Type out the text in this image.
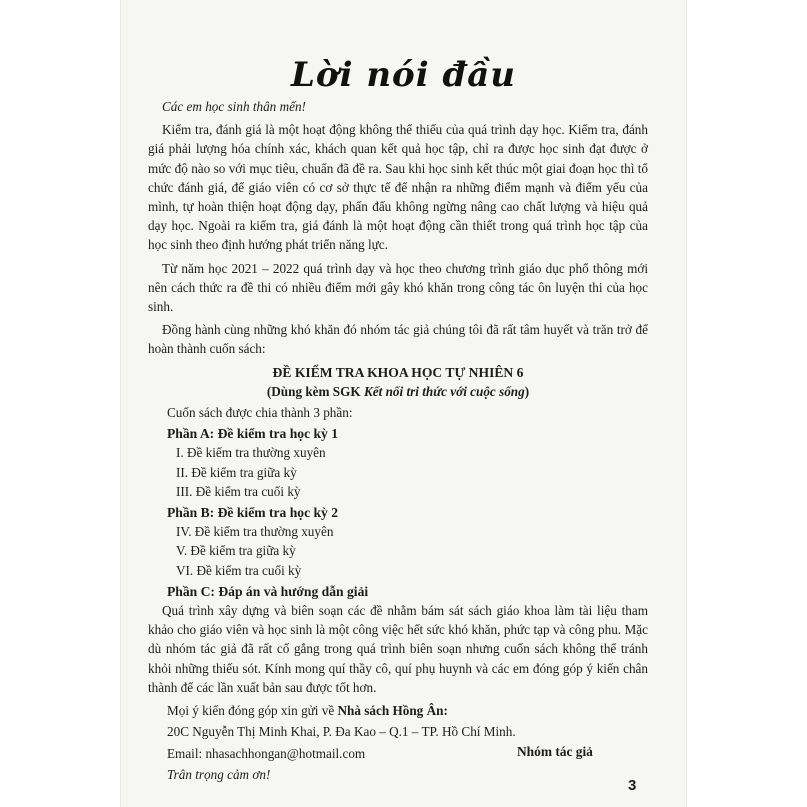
Lời nói đầu

Các em học sinh thân mến!

Kiểm tra, đánh giá là một hoạt động không thể thiếu của quá trình dạy học. Kiểm tra, đánh giá phải lượng hóa chính xác, khách quan kết quả học tập, chỉ ra được học sinh đạt được ở mức độ nào so với mục tiêu, chuẩn đã đề ra. Sau khi học sinh kết thúc một giai đoạn học thì tổ chức đánh giá, để giáo viên có cơ sở thực tế để nhận ra những điểm mạnh và điểm yếu của mình, tự hoàn thiện hoạt động dạy, phấn đấu không ngừng nâng cao chất lượng và hiệu quả dạy học. Ngoài ra kiểm tra, giá đánh là một hoạt động cần thiết trong quá trình học tập của học sinh theo định hướng phát triển năng lực.

Từ năm học 2021 – 2022 quá trình dạy và học theo chương trình giáo dục phổ thông mới nên cách thức ra đề thi có nhiều điểm mới gây khó khăn trong công tác ôn luyện thi của học sinh.

Đồng hành cùng những khó khăn đó nhóm tác giả chúng tôi đã rất tâm huyết và trăn trở để hoàn thành cuốn sách:

ĐỀ KIỂM TRA KHOA HỌC TỰ NHIÊN 6

(Dùng kèm SGK Kết nối tri thức với cuộc sống)

Cuốn sách được chia thành 3 phần:

Phần A: Đề kiểm tra học kỳ 1

I. Đề kiểm tra thường xuyên

II. Đề kiểm tra giữa kỳ

III. Đề kiểm tra cuối kỳ

Phần B: Đề kiểm tra học kỳ 2

IV. Đề kiểm tra thường xuyên

V. Đề kiểm tra giữa kỳ

VI. Đề kiểm tra cuối kỳ

Phần C: Đáp án và hướng dẫn giải

Quá trình xây dựng và biên soạn các đề nhằm bám sát sách giáo khoa làm tài liệu tham khảo cho giáo viên và học sinh là một công việc hết sức khó khăn, phức tạp và công phu. Mặc dù nhóm tác giả đã rất cố gắng trong quá trình biên soạn nhưng cuốn sách không thể tránh khỏi những thiếu sót. Kính mong quí thầy cô, quí phụ huynh và các em đóng góp ý kiến chân thành để các lần xuất bản sau được tốt hơn.

Mọi ý kiến đóng góp xin gửi về Nhà sách Hồng Ân:

20C Nguyễn Thị Minh Khai, P. Đa Kao – Q.1 – TP. Hồ Chí Minh.

Email: nhasachhongan@hotmail.com

Trân trọng cảm ơn!

Nhóm tác giả
3
